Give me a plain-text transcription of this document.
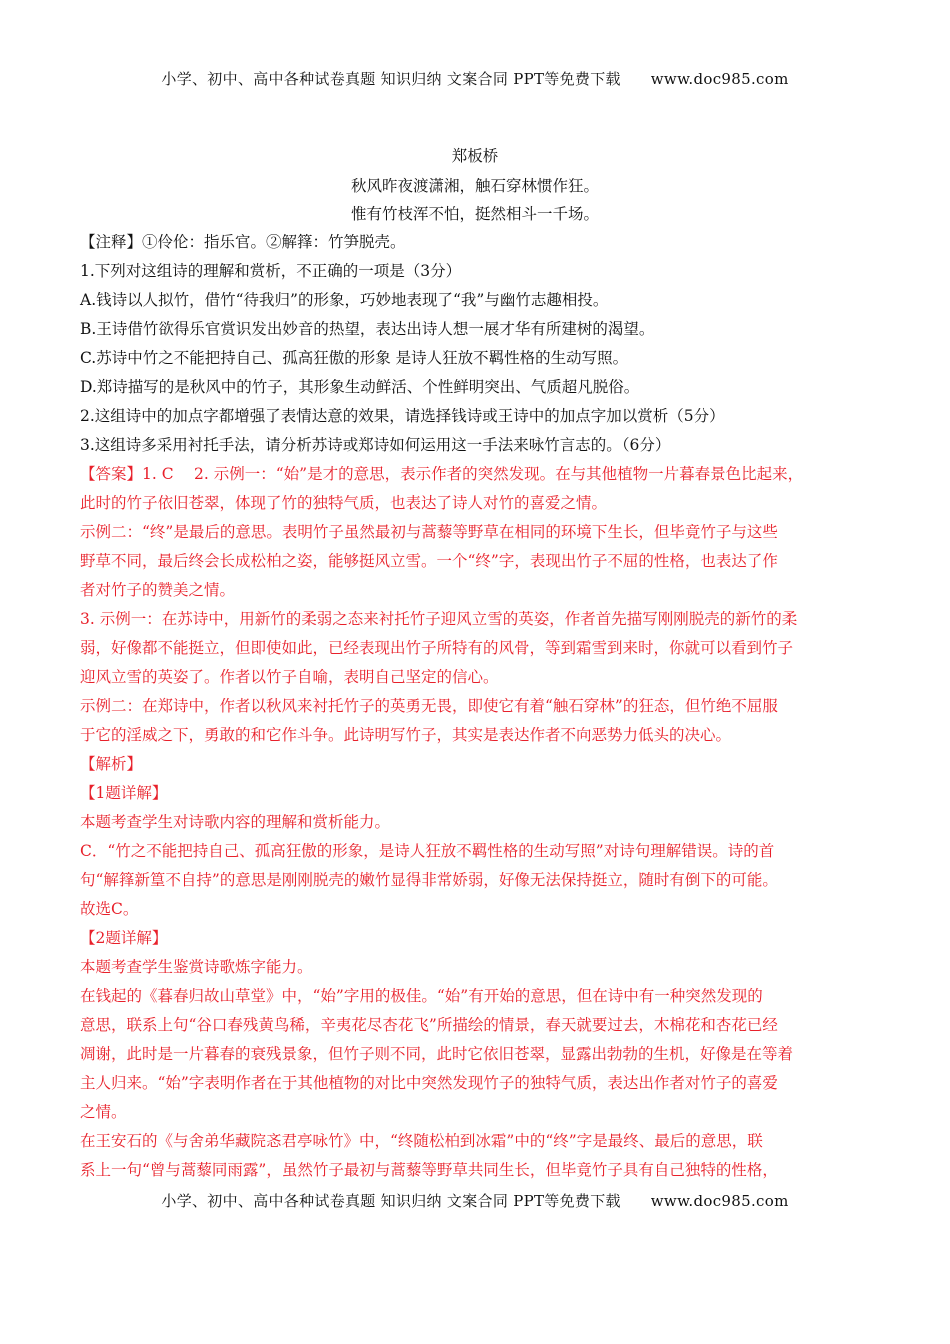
小学、初中、高中各种试卷真题 知识归纳 文案合同 PPT等免费下载 www.doc985.com
郑板桥
秋风昨夜渡潇湘，触石穿林惯作狂。
惟有竹枝浑不怕，挺然相斗一千场。
【注释】①伶伦：指乐官。②解箨：竹笋脱壳。
1.下列对这组诗的理解和赏析，不正确的一项是（3分）
A.钱诗以人拟竹，借竹“待我归”的形象，巧妙地表现了“我”与幽竹志趣相投。
B.王诗借竹欲得乐官赏识发出妙音的热望，表达出诗人想一展才华有所建树的渴望。
C.苏诗中竹之不能把持自己、孤高狂傲的形象 是诗人狂放不羁性格的生动写照。
D.郑诗描写的是秋风中的竹子，其形象生动鲜活、个性鲜明突出、气质超凡脱俗。
2.这组诗中的加点字都增强了表情达意的效果，请选择钱诗或王诗中的加点字加以赏析（5分）
3.这组诗多采用衬托手法，请分析苏诗或郑诗如何运用这一手法来咏竹言志的。（6分）
【答案】1. C　 2. 示例一：“始”是才的意思，表示作者的突然发现。在与其他植物一片暮春景色比起来，
此时的竹子依旧苍翠，体现了竹的独特气质，也表达了诗人对竹的喜爱之情。
示例二：“终”是最后的意思。表明竹子虽然最初与蒿藜等野草在相同的环境下生长，但毕竟竹子与这些
野草不同，最后终会长成松柏之姿，能够挺风立雪。一个“终”字，表现出竹子不屈的性格，也表达了作
者对竹子的赞美之情。
3. 示例一：在苏诗中，用新竹的柔弱之态来衬托竹子迎风立雪的英姿，作者首先描写刚刚脱壳的新竹的柔
弱，好像都不能挺立，但即使如此，已经表现出竹子所特有的风骨，等到霜雪到来时，你就可以看到竹子
迎风立雪的英姿了。作者以竹子自喻，表明自己坚定的信心。
示例二：在郑诗中，作者以秋风来衬托竹子的英勇无畏，即使它有着“触石穿林”的狂态，但竹绝不屈服
于它的淫威之下，勇敢的和它作斗争。此诗明写竹子，其实是表达作者不向恶势力低头的决心。
【解析】
【1题详解】
本题考查学生对诗歌内容的理解和赏析能力。
C．“竹之不能把持自己、孤高狂傲的形象，是诗人狂放不羁性格的生动写照”对诗句理解错误。诗的首
句“解箨新篁不自持”的意思是刚刚脱壳的嫩竹显得非常娇弱，好像无法保持挺立，随时有倒下的可能。
故选C。
【2题详解】
本题考查学生鉴赏诗歌炼字能力。
在钱起的《暮春归故山草堂》中，“始”字用的极佳。“始”有开始的意思，但在诗中有一种突然发现的
意思，联系上句“谷口春残黄鸟稀，辛夷花尽杏花飞”所描绘的情景，春天就要过去，木棉花和杏花已经
凋谢，此时是一片暮春的衰残景象，但竹子则不同，此时它依旧苍翠，显露出勃勃的生机，好像是在等着
主人归来。“始”字表明作者在于其他植物的对比中突然发现竹子的独特气质，表达出作者对竹子的喜爱
之情。
在王安石的《与舍弟华藏院忞君亭咏竹》中，“终随松柏到冰霜”中的“终”字是最终、最后的意思，联
系上一句“曾与蒿藜同雨露”，虽然竹子最初与蒿藜等野草共同生长，但毕竟竹子具有自己独特的性格，
小学、初中、高中各种试卷真题 知识归纳 文案合同 PPT等免费下载 www.doc985.com
